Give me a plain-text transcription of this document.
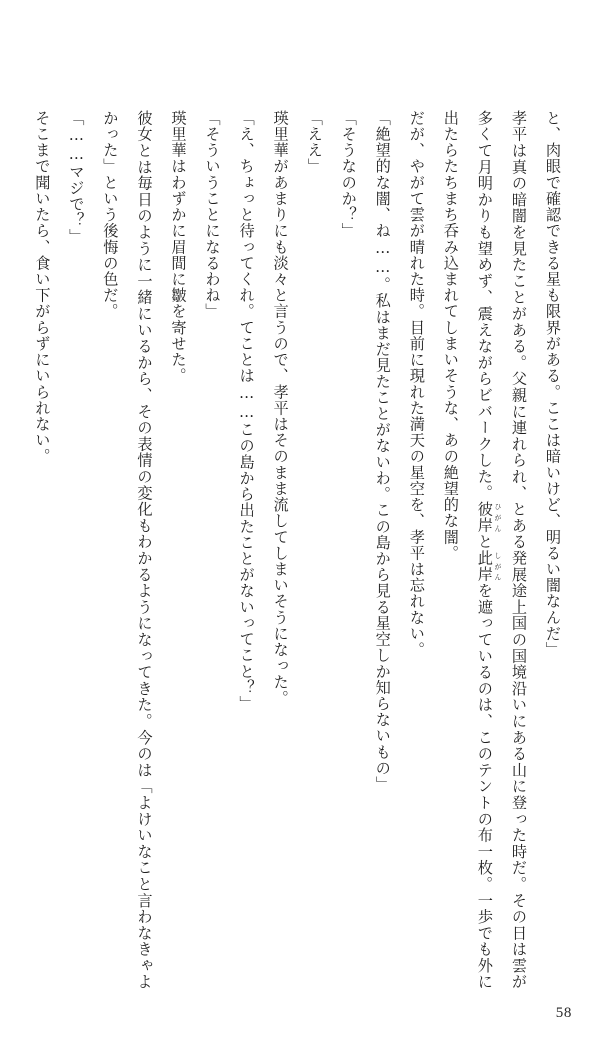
と、肉眼で確認できる星も限界がある。ここは暗いけど、明るい闇なんだ」

孝平は真の暗闇を見たことがある。父親に連れられ、とある発展途上国の国境沿いにある山に登った時だ。その日は雲が多くて月明かりも望めず、震えながらビバークした。彼岸 ひがんと此岸 しがんを遮っているのは、このテントの布一枚。一歩でも外に出たらたちまち呑み込まれてしまいそうな、あの絶望的な闇。

だが、やがて雲が晴れた時。目前に現れた満天の星空を、孝平は忘れない。

「絶望的な闇、ね……。私はまだ見たことがないわ。この島から見る星空しか知らないもの」

「そうなのか？」

「ええ」

瑛里華があまりにも淡々と言うので、孝平はそのまま流してしまいそうになった。

「え、ちょっと待ってくれ。てことは……この島から出たことがないってこと？」

「そういうことになるわね」

瑛里華はわずかに眉間に皺を寄せた。

彼女とは毎日のように一緒にいるから、その表情の変化もわかるようになってきた。今のは「よけいなこと言わなきゃよかった」という後悔の色だ。

「……マジで？」

そこまで聞いたら、食い下がらずにいられない。

58
